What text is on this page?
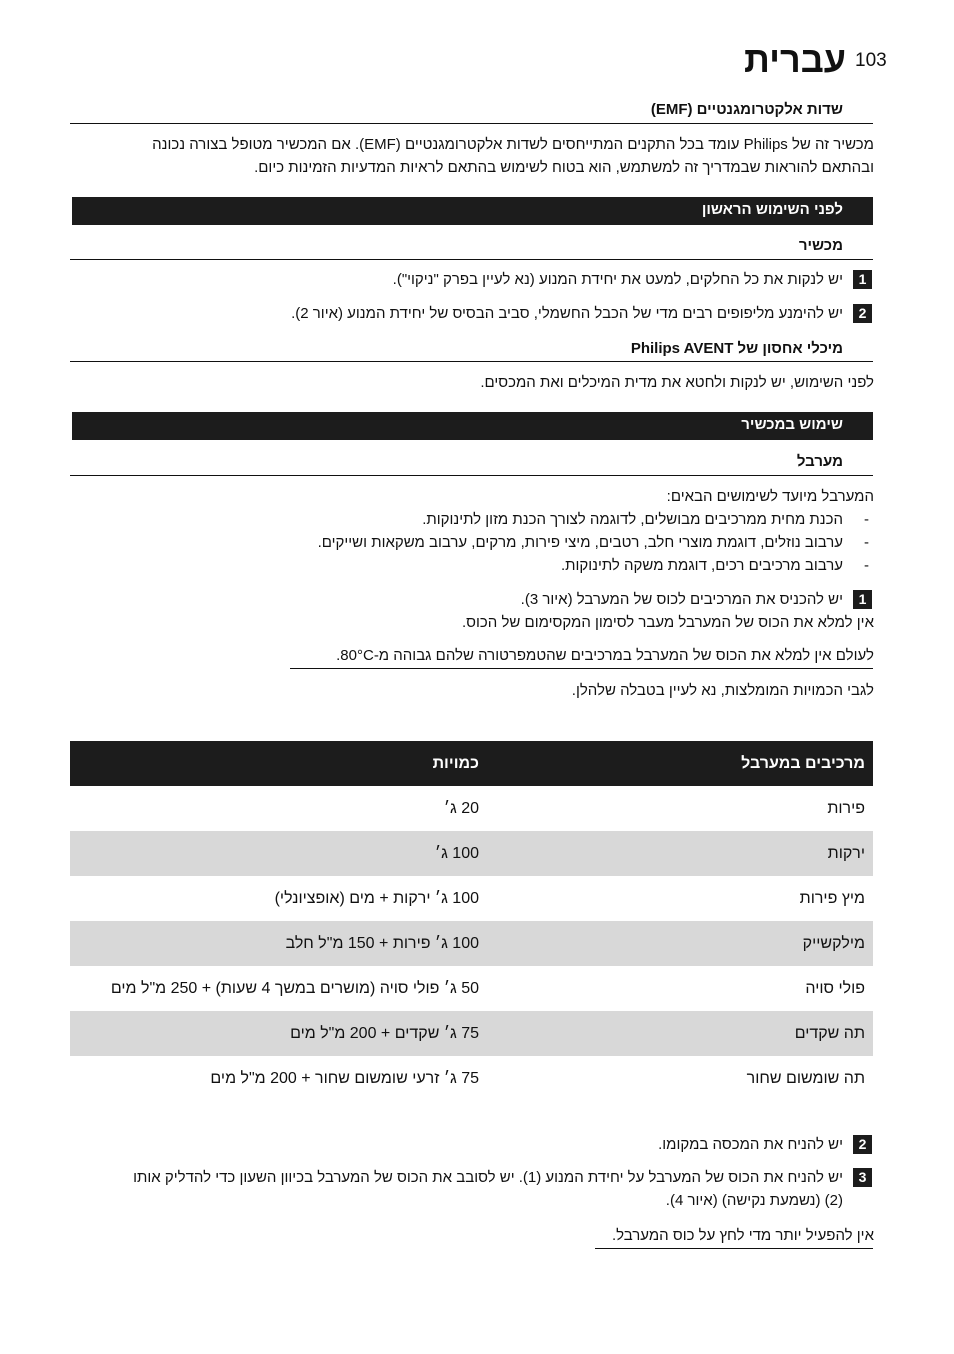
עברית 103
שדות אלקטרומגנטיים (EMF)
מכשיר זה של Philips עומד בכל התקנים המתייחסים לשדות אלקטרומגנטיים (EMF). אם המכשיר מטופל בצורה נכונה
ובהתאם להוראות שבמדריך זה למשתמש, הוא בטוח לשימוש בהתאם לראיות המדעיות הזמינות כיום.
לפני השימוש הראשון
מכשיר
1
יש לנקות את כל החלקים, למעט את יחידת המנוע (נא לעיין בפרק "ניקוי").
2
יש להימנע מליפופים רבים מדי של הכבל החשמלי, סביב הבסיס של יחידת המנוע (איור 2).
מיכלי אחסון של Philips AVENT
לפני השימוש, יש לנקות ולחטא את מדית המיכלים ואת המכסים.
שימוש במכשיר
מערבל
המערבל מיועד לשימושים הבאים:
-
הכנת מחית ממרכיבים מבושלים, לדוגמה לצורך הכנת מזון לתינוקות.
-
ערבוב נוזלים, דוגמת מוצרי חלב, רטבים, מיצי פירות, מרקים, ערבוב משקאות ושייקים.
-
ערבוב מרכיבים רכים, דוגמת משקה לתינוקות.
1
יש להכניס את המרכיבים לכוס של המערבל (איור 3).
אין למלא את הכוס של המערבל מעבר לסימון המקסימום של הכוס.
לעולם אין למלא את הכוס של המערבל במרכיבים שהטמפרטורה שלהם גבוהה מ-80°C.
לגבי הכמויות המומלצות, נא לעיין בטבלה שלהלן.
מרכיבים במערבל	כמויות
פירות	20 ג׳
ירקות	100 ג׳
מיץ פירות	100 ג׳ ירקות + מים (אופציונלי)
מילקשייק	100 ג׳ פירות + 150 מ"ל חלב
פולי סויה	50 ג׳ פולי סויה (מושרים במשך 4 שעות) + 250 מ"ל מים
תה שקדים	75 ג׳ שקדים + 200 מ"ל מים
תה שומשום שחור	75 ג׳ זרעי שומשום שחור + 200 מ"ל מים
2
יש להניח את המכסה במקומו.
3
יש להניח את הכוס של המערבל על יחידת המנוע (1). יש לסובב את הכוס של המערבל בכיוון השעון כדי להדליק אותו
(2) (נשמעת נקישה) (איור 4).
אין להפעיל יותר מדי לחץ על כוס המערבל.
